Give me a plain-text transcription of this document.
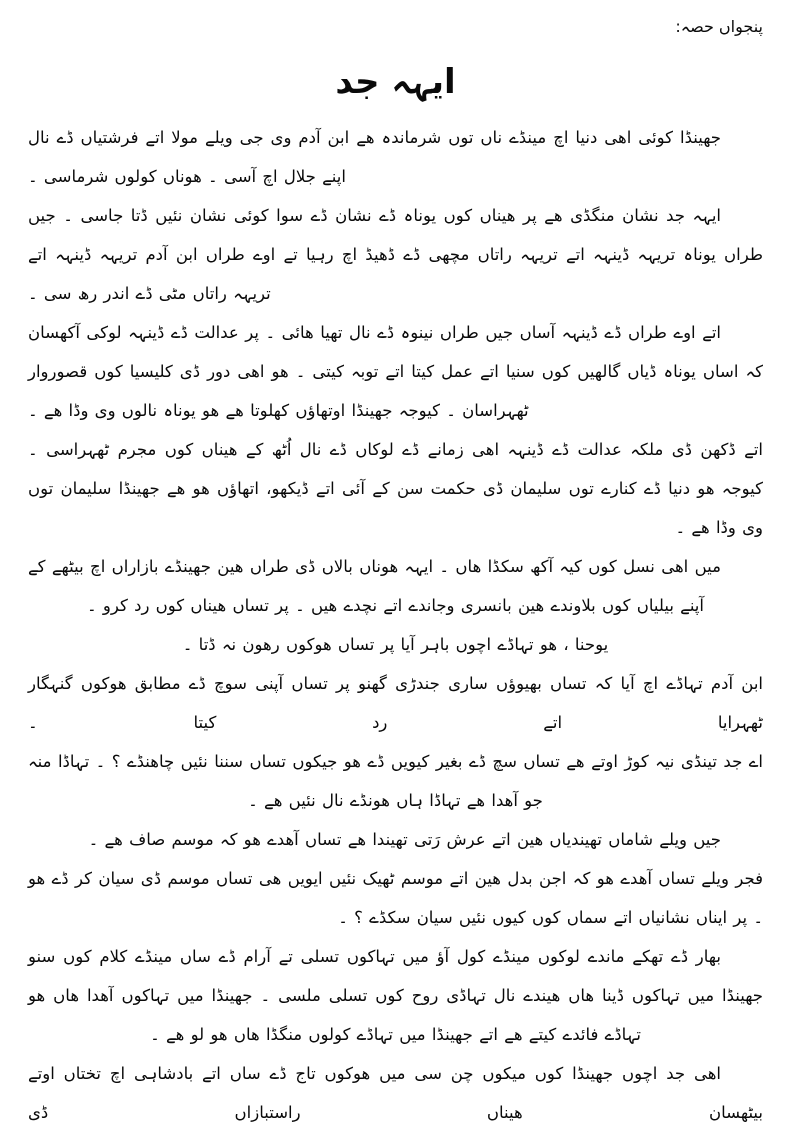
پنجواں حصہ:
ایہہ جد

جھینڈا کوئی اھی دنیا اچ مینڈے ناں توں شرماندہ ھے ابن آدم وی جی ویلے مولا اتے فرشتیاں ڈے نال اپنے جلال اچ آسی ۔ ھوناں کولوں شرماسی ۔

ایہہ جد نشان منگڈی ھے پر ھیناں کوں یوناہ ڈے نشان ڈے سوا کوئی نشان نئیں ڈتا جاسی ۔ جیں طراں یوناہ تریہہ ڈینہہ اتے تریہہ راتاں مچھی ڈے ڈھیڈ اچ رہیا تے اوے طراں ابن آدم تریہہ ڈینہہ اتے تریہہ راتاں مٹی ڈے اندر رھ سی ۔

اتے اوے طراں ڈے ڈینہہ آساں جیں طراں نینوہ ڈے نال تھیا ھائی ۔ پر عدالت ڈے ڈینہہ لوکی آکھسان کہ اساں یوناہ ڈیاں گالھیں کوں سنیا اتے عمل کیتا اتے توبہ کیتی ۔ ھو اھی دور ڈی کلیسیا کوں قصوروار ٹھہراسان ۔ کیوجہ جھینڈا اوتھاؤں کھلوتا ھے ھو یوناہ نالوں وی وڈا ھے ۔

اتے ڈکھن ڈی ملکہ عدالت ڈے ڈینہہ اھی زمانے ڈے لوکاں ڈے نال اُٹھ کے ھیناں کوں مجرم ٹھہراسی ۔ کیوجہ ھو دنیا ڈے کنارے توں سلیمان ڈی حکمت سن کے آئی اتے ڈیکھو، اتھاؤں ھو ھے جھینڈا سلیمان توں وی وڈا ھے ۔

میں اھی نسل کوں کیہ آکھ سکڈا ھاں ۔ ایہہ ھوناں بالاں ڈی طراں ھین جھینڈے بازاراں اچ بیٹھے کے آپنے بیلیاں کوں بلاوندے ھین بانسری وجاندے اتے نچدے ھیں ۔ پر تساں ھیناں کوں رد کرو ۔

یوحنا ، ھو تہاڈے اچوں باہر آیا پر تساں ھوکوں رھون نہ ڈتا ۔

ابن آدم تہاڈے اچ آیا کہ تساں بھیوؤں ساری جندڑی گھنو پر تساں آپنی سوچ ڈے مطابق ھوکوں گنہگار ٹھہرایا اتے رد کیتا ۔

اے جد تینڈی نیہ کوڑ اوتے ھے تساں سچ ڈے بغیر کیویں ڈے ھو جیکوں تساں سننا نئیں چاھنڈے ؟ ۔ تہاڈا منہ جو آھدا ھے تہاڈا ہاں ھونڈے نال نئیں ھے ۔

جیں ویلے شاماں تھیندیاں ھین اتے عرش رَتی تھیندا ھے تساں آھدے ھو کہ موسم صاف ھے ۔

فجر ویلے تساں آھدے ھو کہ اجن بدل ھین اتے موسم ٹھیک نئیں ایویں ھی تساں موسم ڈی سیان کر ڈے ھو ۔ پر ایناں نشانیاں اتے سماں کوں کیوں نئیں سیان سکڈے ؟ ۔

بھار ڈے تھکے ماندے لوکوں مینڈے کول آؤ میں تہاکوں تسلی تے آرام ڈے ساں مینڈے کلام کوں سنو جھینڈا میں تہاکوں ڈینا ھاں ھیندے نال تہاڈی روح کوں تسلی ملسی ۔ جھینڈا میں تہاکوں آھدا ھاں ھو تہاڈے فائدے کیتے ھے اتے جھینڈا میں تہاڈے کولوں منگڈا ھاں ھو لو ھے ۔

اھی جد اچوں جھینڈا کوں میکوں چن سی میں ھوکوں تاج ڈے ساں اتے بادشاہی اچ تختاں اوتے بیٹھسان ھیناں راستبازاں ڈی
